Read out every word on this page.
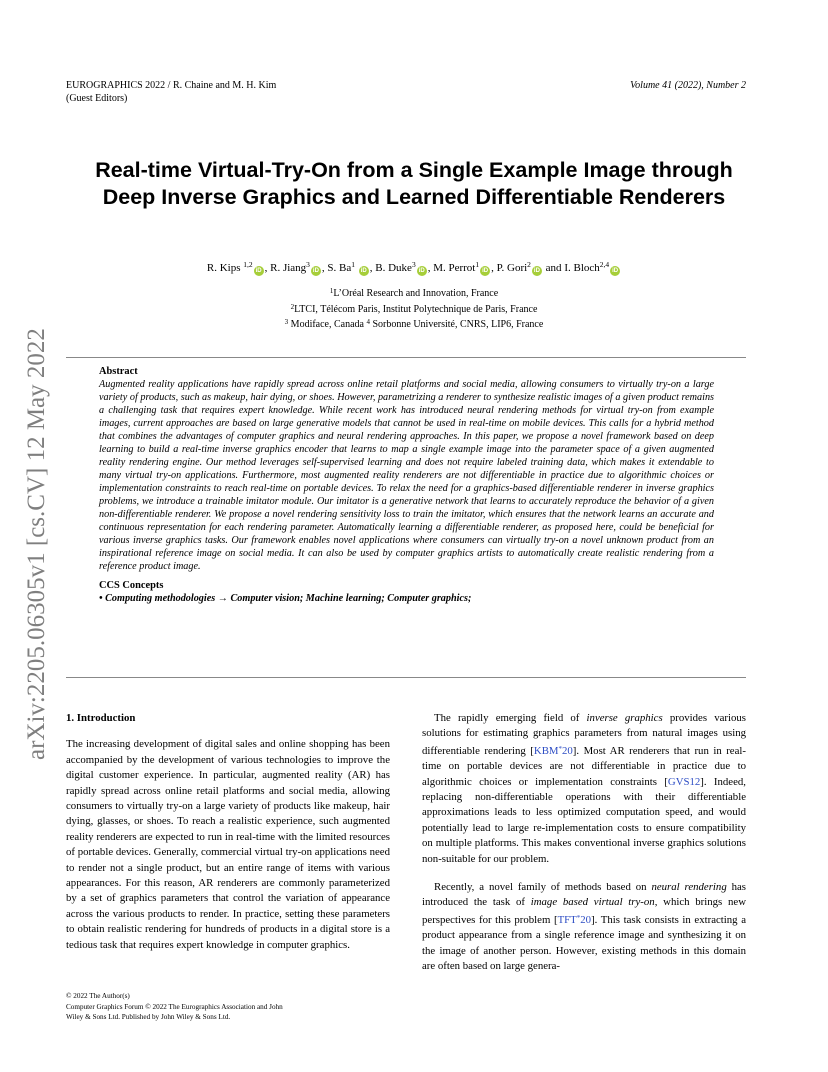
EUROGRAPHICS 2022 / R. Chaine and M. H. Kim
(Guest Editors)
Volume 41 (2022), Number 2
Real-time Virtual-Try-On from a Single Example Image through
Deep Inverse Graphics and Learned Differentiable Renderers
R. Kips $^{1,2}$iD , R. Jiang$^3$iD , S. Ba$^1$ iD , B. Duke$^3$iD , M. Perrot$^1$iD , P. Gori$^2$iD and I. Bloch$^{2,4}$iD
$^1$L’Oréal Research and Innovation, France
$^2$LTCI, Télécom Paris, Institut Polytechnique de Paris, France
$^3$ Modiface, Canada $^4$ Sorbonne Université, CNRS, LIP6, France
Abstract

Augmented reality applications have rapidly spread across online retail platforms and social media, allowing consumers to virtually try-on a large variety of products, such as makeup, hair dying, or shoes. However, parametrizing a renderer to synthesize realistic images of a given product remains a challenging task that requires expert knowledge. While recent work has introduced neural rendering methods for virtual try-on from example images, current approaches are based on large generative models that cannot be used in real-time on mobile devices. This calls for a hybrid method that combines the advantages of computer graphics and neural rendering approaches. In this paper, we propose a novel framework based on deep learning to build a real-time inverse graphics encoder that learns to map a single example image into the parameter space of a given augmented reality rendering engine. Our method leverages self-supervised learning and does not require labeled training data, which makes it extendable to many virtual try-on applications. Furthermore, most augmented reality renderers are not differentiable in practice due to algorithmic choices or implementation constraints to reach real-time on portable devices. To relax the need for a graphics-based differentiable renderer in inverse graphics problems, we introduce a trainable imitator module. Our imitator is a generative network that learns to accurately reproduce the behavior of a given non-differentiable renderer. We propose a novel rendering sensitivity loss to train the imitator, which ensures that the network learns an accurate and continuous representation for each rendering parameter. Automatically learning a differentiable renderer, as proposed here, could be beneficial for various inverse graphics tasks. Our framework enables novel applications where consumers can virtually try-on a novel unknown product from an inspirational reference image on social media. It can also be used by computer graphics artists to automatically create realistic rendering from a reference product image.

CCS Concepts
• Computing methodologies → Computer vision; Machine learning; Computer graphics;
arXiv:2205.06305v1 [cs.CV] 12 May 2022	1. Introduction

The increasing development of digital sales and online shopping has been accompanied by the development of various technologies to improve the digital customer experience. In particular, augmented reality (AR) has rapidly spread across online retail platforms and social media, allowing consumers to virtually try-on a large variety of products like makeup, hair dying, glasses, or shoes. To reach a realistic experience, such augmented reality renderers are expected to run in real-time with the limited resources of portable devices. Generally, commercial virtual try-on applications need to render not a single product, but an entire range of items with various appearances. For this reason, AR renderers are commonly parameterized by a set of graphics parameters that control the variation of appearance across the various products to render. In practice, setting these parameters to obtain realistic rendering for hundreds of products in a digital store is a tedious task that requires expert knowledge in computer graphics.

The rapidly emerging field of inverse graphics provides various solutions for estimating graphics parameters from natural images using differentiable rendering [KBM*20]. Most AR renderers that run in real-time on portable devices are not differentiable in practice due to algorithmic choices or implementation constraints [GVS12]. Indeed, replacing non-differentiable operations with their differentiable approximations leads to less optimized computation speed, and would potentially lead to large re-implementation costs to ensure compatibility on multiple platforms. This makes conventional inverse graphics solutions non-suitable for our problem.

Recently, a novel family of methods based on neural rendering has introduced the task of image based virtual try-on, which brings new perspectives for this problem [TFT*20]. This task consists in extracting a product appearance from a single reference image and synthesizing it on the image of another person. However, existing methods in this domain are often based on large genera-

© 2022 The Author(s)
Computer Graphics Forum © 2022 The Eurographics Association and John
Wiley & Sons Ltd. Published by John Wiley & Sons Ltd.
